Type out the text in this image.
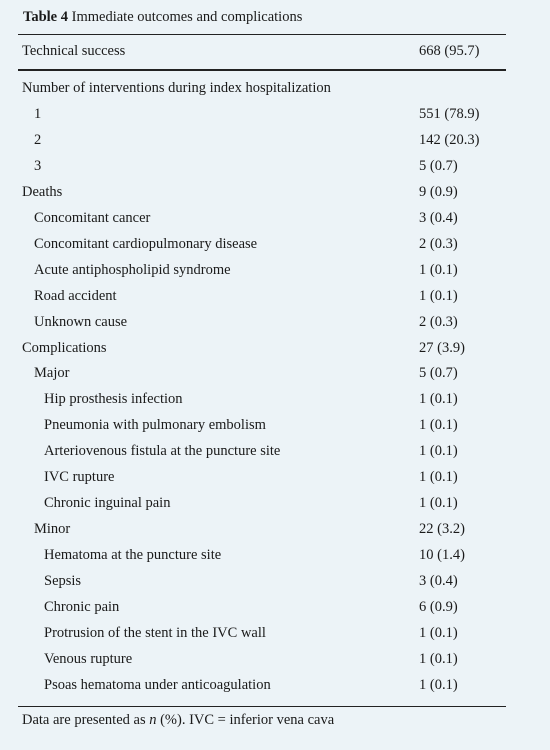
Table 4 Immediate outcomes and complications
Technical success	668 (95.7)
Number of interventions during index hospitalization
1	551 (78.9)
2	142 (20.3)
3	5 (0.7)
Deaths	9 (0.9)
Concomitant cancer	3 (0.4)
Concomitant cardiopulmonary disease	2 (0.3)
Acute antiphospholipid syndrome	1 (0.1)
Road accident	1 (0.1)
Unknown cause	2 (0.3)
Complications	27 (3.9)
Major	5 (0.7)
Hip prosthesis infection	1 (0.1)
Pneumonia with pulmonary embolism	1 (0.1)
Arteriovenous fistula at the puncture site	1 (0.1)
IVC rupture	1 (0.1)
Chronic inguinal pain	1 (0.1)
Minor	22 (3.2)
Hematoma at the puncture site	10 (1.4)
Sepsis	3 (0.4)
Chronic pain	6 (0.9)
Protrusion of the stent in the IVC wall	1 (0.1)
Venous rupture	1 (0.1)
Psoas hematoma under anticoagulation	1 (0.1)
Data are presented as n (%). IVC = inferior vena cava
